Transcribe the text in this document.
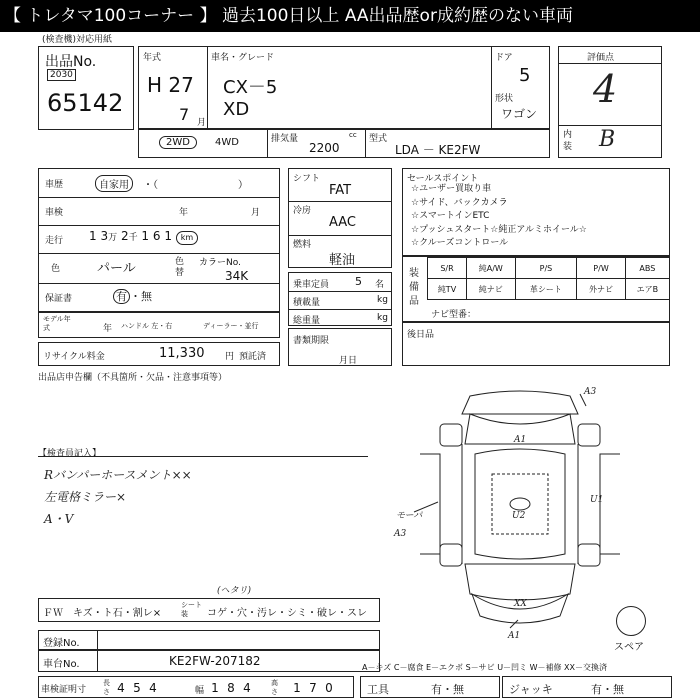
【 トレタマ100コーナー 】 過去100日以上 AA出品歴or成約歴のない車両
(検査機)対応用紙
出品No.
2030
65142
年式
H 27
7 月
車名・グレード
CX－5
XD
ドア
5
形状
ワゴン
評価点
4
内装 B
2WD	4WD	排気量
2200
cc 型式
LDA － KE2FW
車歴	自家用	・（　　　　　　　　）
車検	年	月
走行 1 3万 2千 1 6 1 km
色	パール	色替
カラーNo.
34K
保証書	有 ・無
モデル年式	年 ハンドル 左・右	ディーラー・並行
リサイクル料金	11,330 円 預託済
シフト
FAT
冷房
AAC
燃料
軽油
乗車定員 5 名
積載量	kg
総重量	kg
書類期限
月日
セールスポイント
☆ユーザー買取り車
☆サイド、バックカメラ
☆スマートインETC
☆プッシュスタート☆純正アルミホイール☆
☆クルーズコントロール
装備品
S/R	純A/W	P/S	P/W	ABS
純TV	純ナビ	革シート	外ナビ	エアB
ナビ型番：
後日品
出品店申告欄（不具箇所・欠品・注意事項等）
【検査員記入】
Rバンパーホースメント××
左電格ミラー×
A・V
A3
A1
U1
U2
モーパ
A3
XX
A1
スペア
ＦＷ キズ・ト石・割レ×
(ヘタリ)
シート装	コゲ・穴・汚レ・シミ・破レ・スレ
登録No.
車台No.	KE2FW-207182
車検証明寸
長さ 4 5 4	幅 1 8 4	高さ	1 7 0
A－キズ C－腐食 E－エクボ S－サビ U－凹ミ W－補修 XX－交換済
工具	有・無	ジャッキ	有・無
